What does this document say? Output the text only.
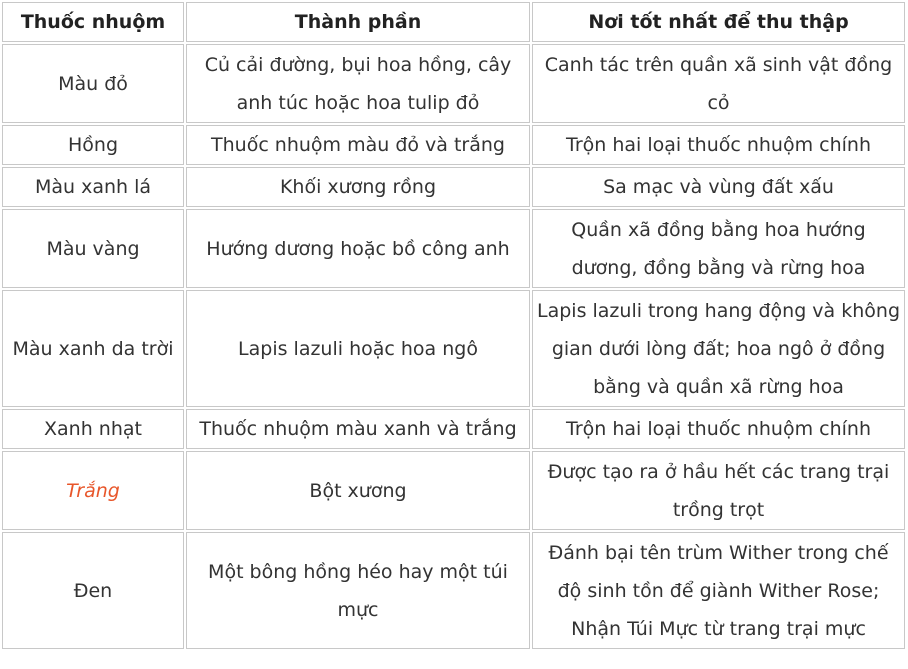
Thuốc nhuộm	Thành phần	Nơi tốt nhất để thu thập
Màu đỏ	Củ cải đường, bụi hoa hồng, cây anh túc hoặc hoa tulip đỏ	Canh tác trên quần xã sinh vật đồng cỏ
Hồng	Thuốc nhuộm màu đỏ và trắng	Trộn hai loại thuốc nhuộm chính
Màu xanh lá	Khối xương rồng	Sa mạc và vùng đất xấu
Màu vàng	Hướng dương hoặc bồ công anh	Quần xã đồng bằng hoa hướng dương, đồng bằng và rừng hoa
Màu xanh da trời	Lapis lazuli hoặc hoa ngô	Lapis lazuli trong hang động và không gian dưới lòng đất; hoa ngô ở đồng bằng và quần xã rừng hoa
Xanh nhạt	Thuốc nhuộm màu xanh và trắng	Trộn hai loại thuốc nhuộm chính
Trắng	Bột xương	Được tạo ra ở hầu hết các trang trại trồng trọt
Đen	Một bông hồng héo hay một túi mực	Đánh bại tên trùm Wither trong chế độ sinh tồn để giành Wither Rose; Nhận Túi Mực từ trang trại mực
